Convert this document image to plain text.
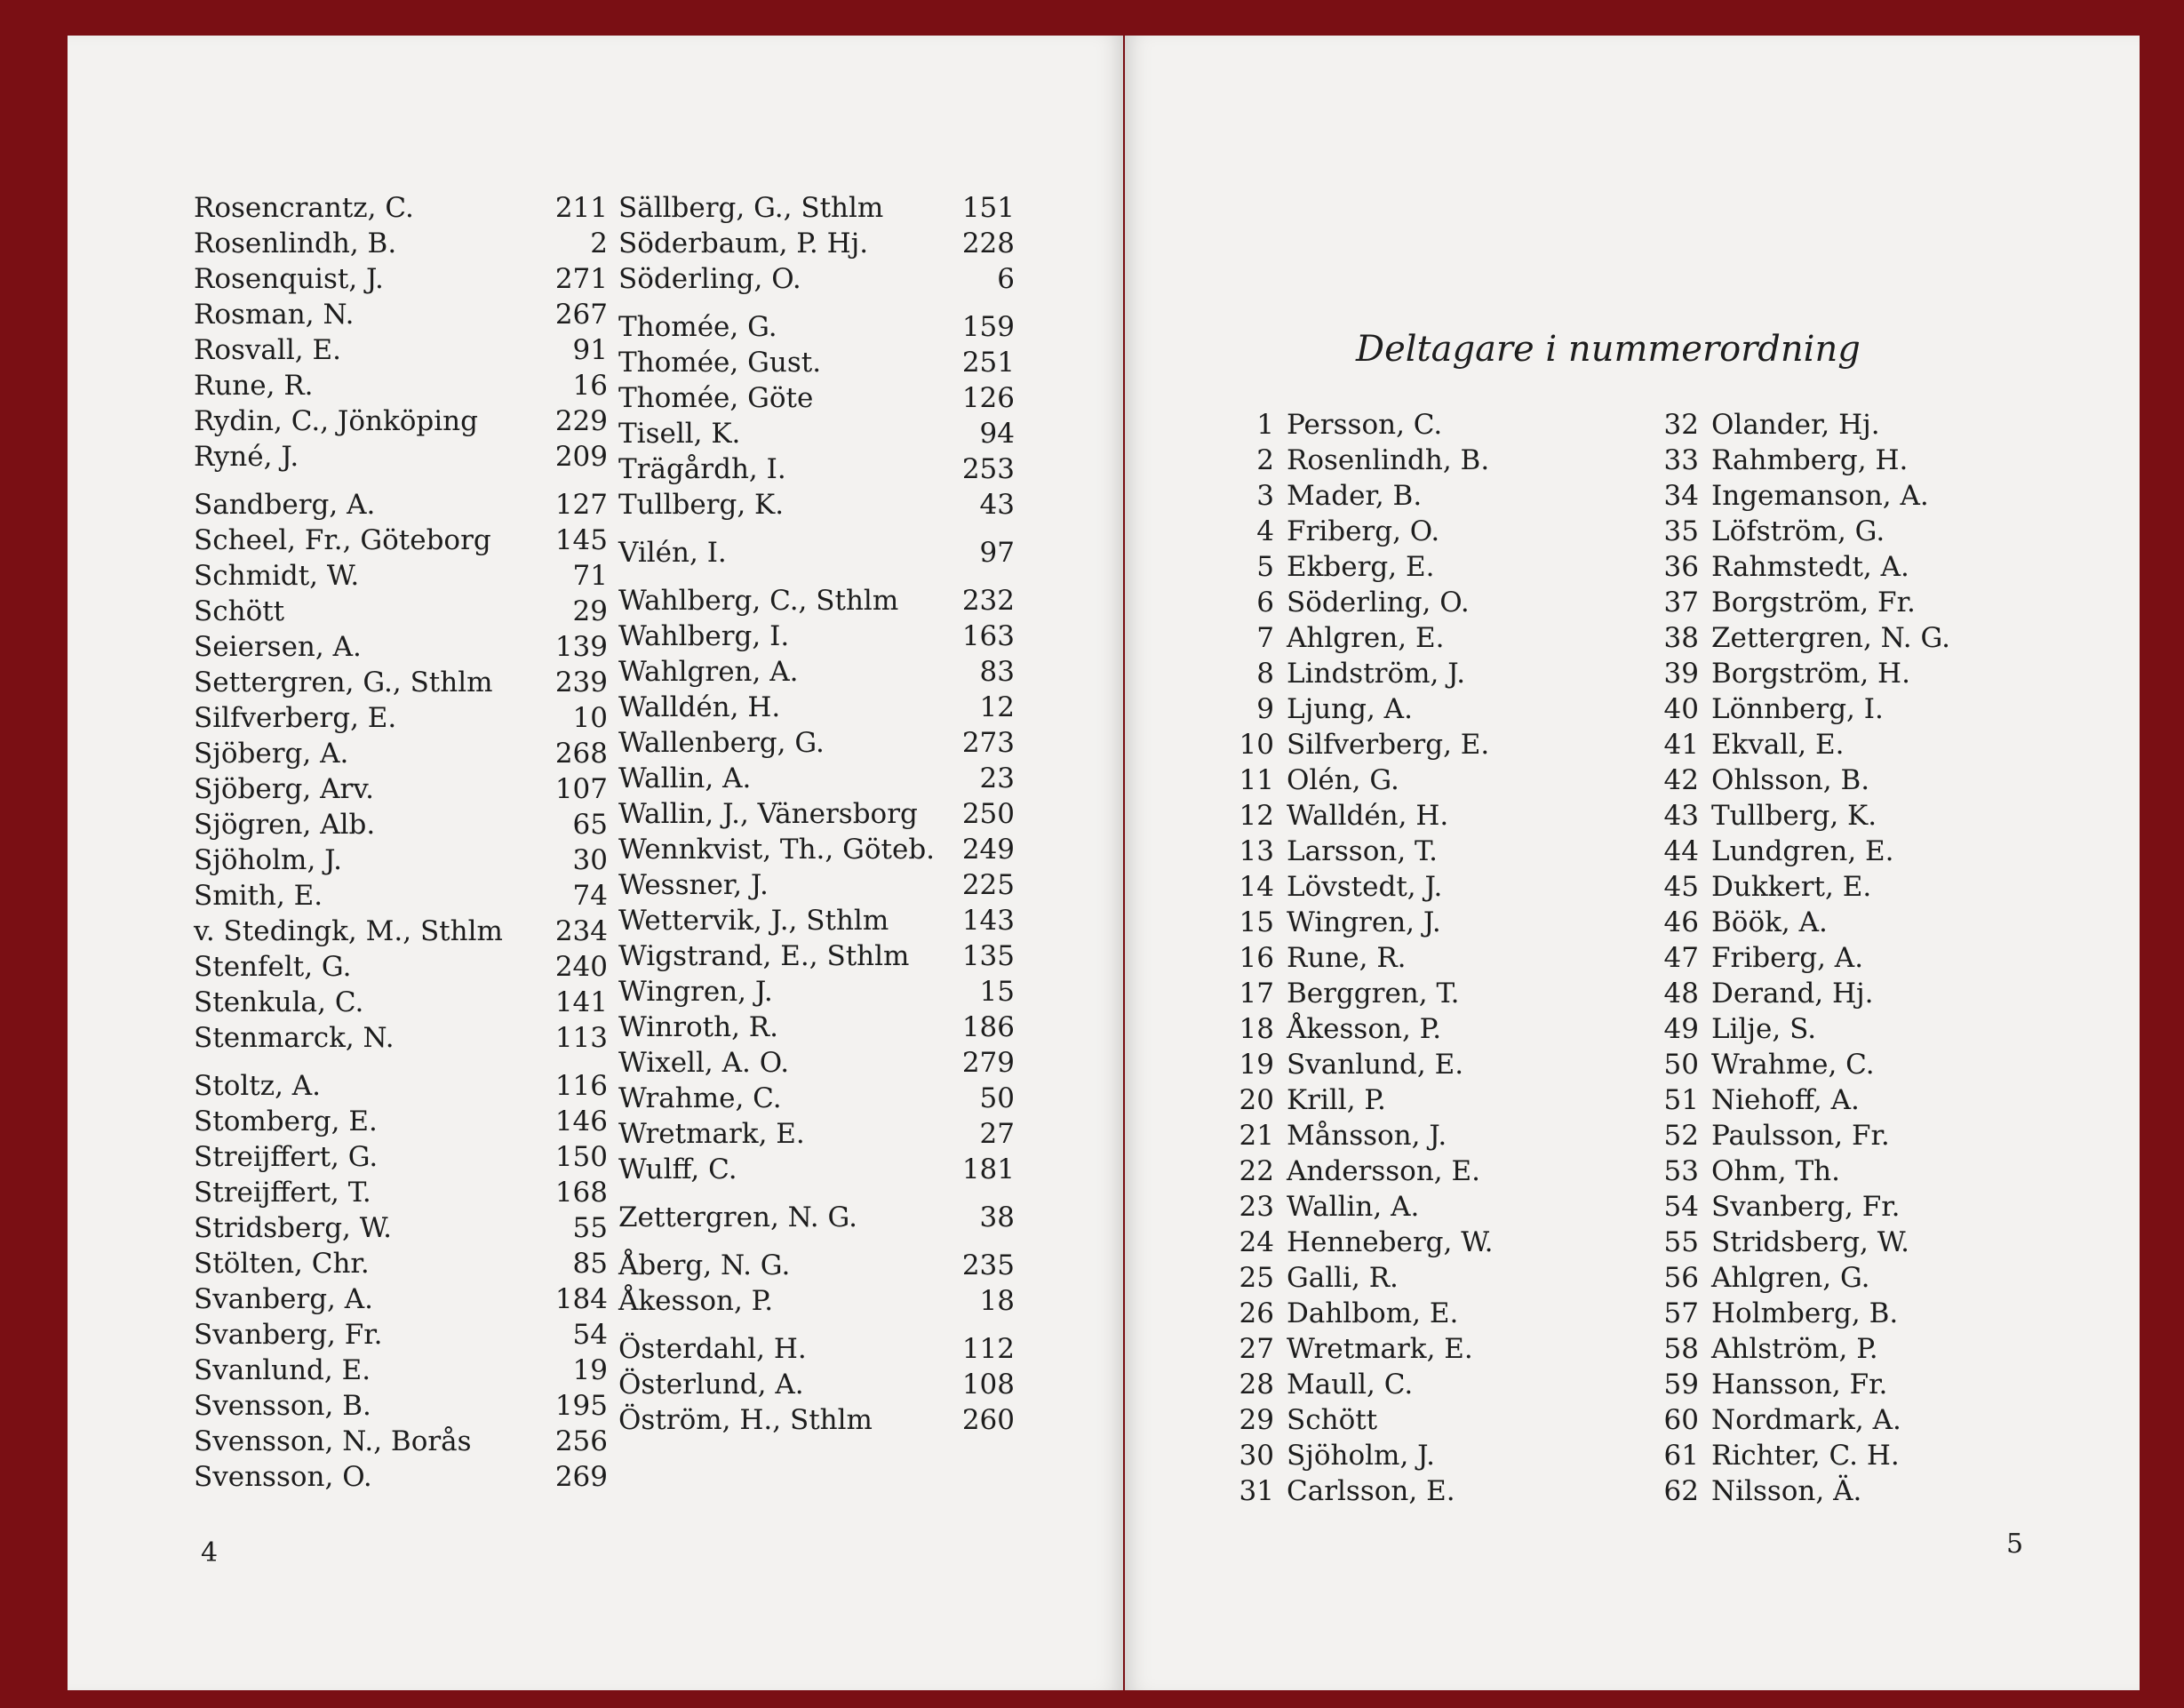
Rosencrantz, C.	211
Rosenlindh, B.	2
Rosenquist, J.	271
Rosman, N.	267
Rosvall, E.	91
Rune, R.	16
Rydin, C., Jönköping	229
Ryné, J.	209
Sandberg, A.	127
Scheel, Fr., Göteborg 145
Schmidt, W.	71
Schött	29
Seiersen, A.	139
Settergren, G., Sthlm 239
Silfverberg, E.	10
Sjöberg, A.	268
Sjöberg, Arv.	107
Sjögren, Alb.	65
Sjöholm, J.	30
Smith, E.	74
v. Stedingk, M., Sthlm 234
Stenfelt, G.	240
Stenkula, C.	141
Stenmarck, N.	113
Stoltz, A.	116
Stomberg, E.	146
Streijffert, G.	150
Streijffert, T.	168
Stridsberg, W.	55
Stölten, Chr.	85
Svanberg, A.	184
Svanberg, Fr.	54
Svanlund, E.	19
Svensson, B.	195
Svensson, N., Borås	256
Svensson, O.	269
Sällberg, G., Sthlm	151
Söderbaum, P. Hj.	228
Söderling, O.	6
Thomée, G.	159
Thomée, Gust.	251
Thomée, Göte	126
Tisell, K.	94
Trägårdh, I.	253
Tullberg, K.	43
Vilén, I.	97
Wahlberg, C., Sthlm 232
Wahlberg, I.	163
Wahlgren, A.	83
Walldén, H.	12
Wallenberg, G.	273
Wallin, A.	23
Wallin, J., Vänersborg 250
Wennkvist, Th., Göteb. 249
Wessner, J.	225
Wettervik, J., Sthlm	143
Wigstrand, E., Sthlm 135
Wingren, J.	15
Winroth, R.	186
Wixell, A. O.	279
Wrahme, C.	50
Wretmark, E.	27
Wulff, C.	181
Zettergren, N. G.	38
Åberg, N. G.	235
Åkesson, P.	18
Österdahl, H.	112
Österlund, A.	108
Öström, H., Sthlm	260
4
Deltagare i nummerordning
1 Persson, C.
2 Rosenlindh, B.
3 Mader, B.
4 Friberg, O.
5 Ekberg, E.
6 Söderling, O.
7 Ahlgren, E.
8 Lindström, J.
9 Ljung, A.
10 Silfverberg, E.
11 Olén, G.
12 Walldén, H.
13 Larsson, T.
14 Lövstedt, J.
15 Wingren, J.
16 Rune, R.
17 Berggren, T.
18 Åkesson, P.
19 Svanlund, E.
20 Krill, P.
21 Månsson, J.
22 Andersson, E.
23 Wallin, A.
24 Henneberg, W.
25 Galli, R.
26 Dahlbom, E.
27 Wretmark, E.
28 Maull, C.
29 Schött
30 Sjöholm, J.
31 Carlsson, E.
32 Olander, Hj.
33 Rahmberg, H.
34 Ingemanson, A.
35 Löfström, G.
36 Rahmstedt, A.
37 Borgström, Fr.
38 Zettergren, N. G.
39 Borgström, H.
40 Lönnberg, I.
41 Ekvall, E.
42 Ohlsson, B.
43 Tullberg, K.
44 Lundgren, E.
45 Dukkert, E.
46 Böök, A.
47 Friberg, A.
48 Derand, Hj.
49 Lilje, S.
50 Wrahme, C.
51 Niehoff, A.
52 Paulsson, Fr.
53 Ohm, Th.
54 Svanberg, Fr.
55 Stridsberg, W.
56 Ahlgren, G.
57 Holmberg, B.
58 Ahlström, P.
59 Hansson, Fr.
60 Nordmark, A.
61 Richter, C. H.
62 Nilsson, Ä.
5
